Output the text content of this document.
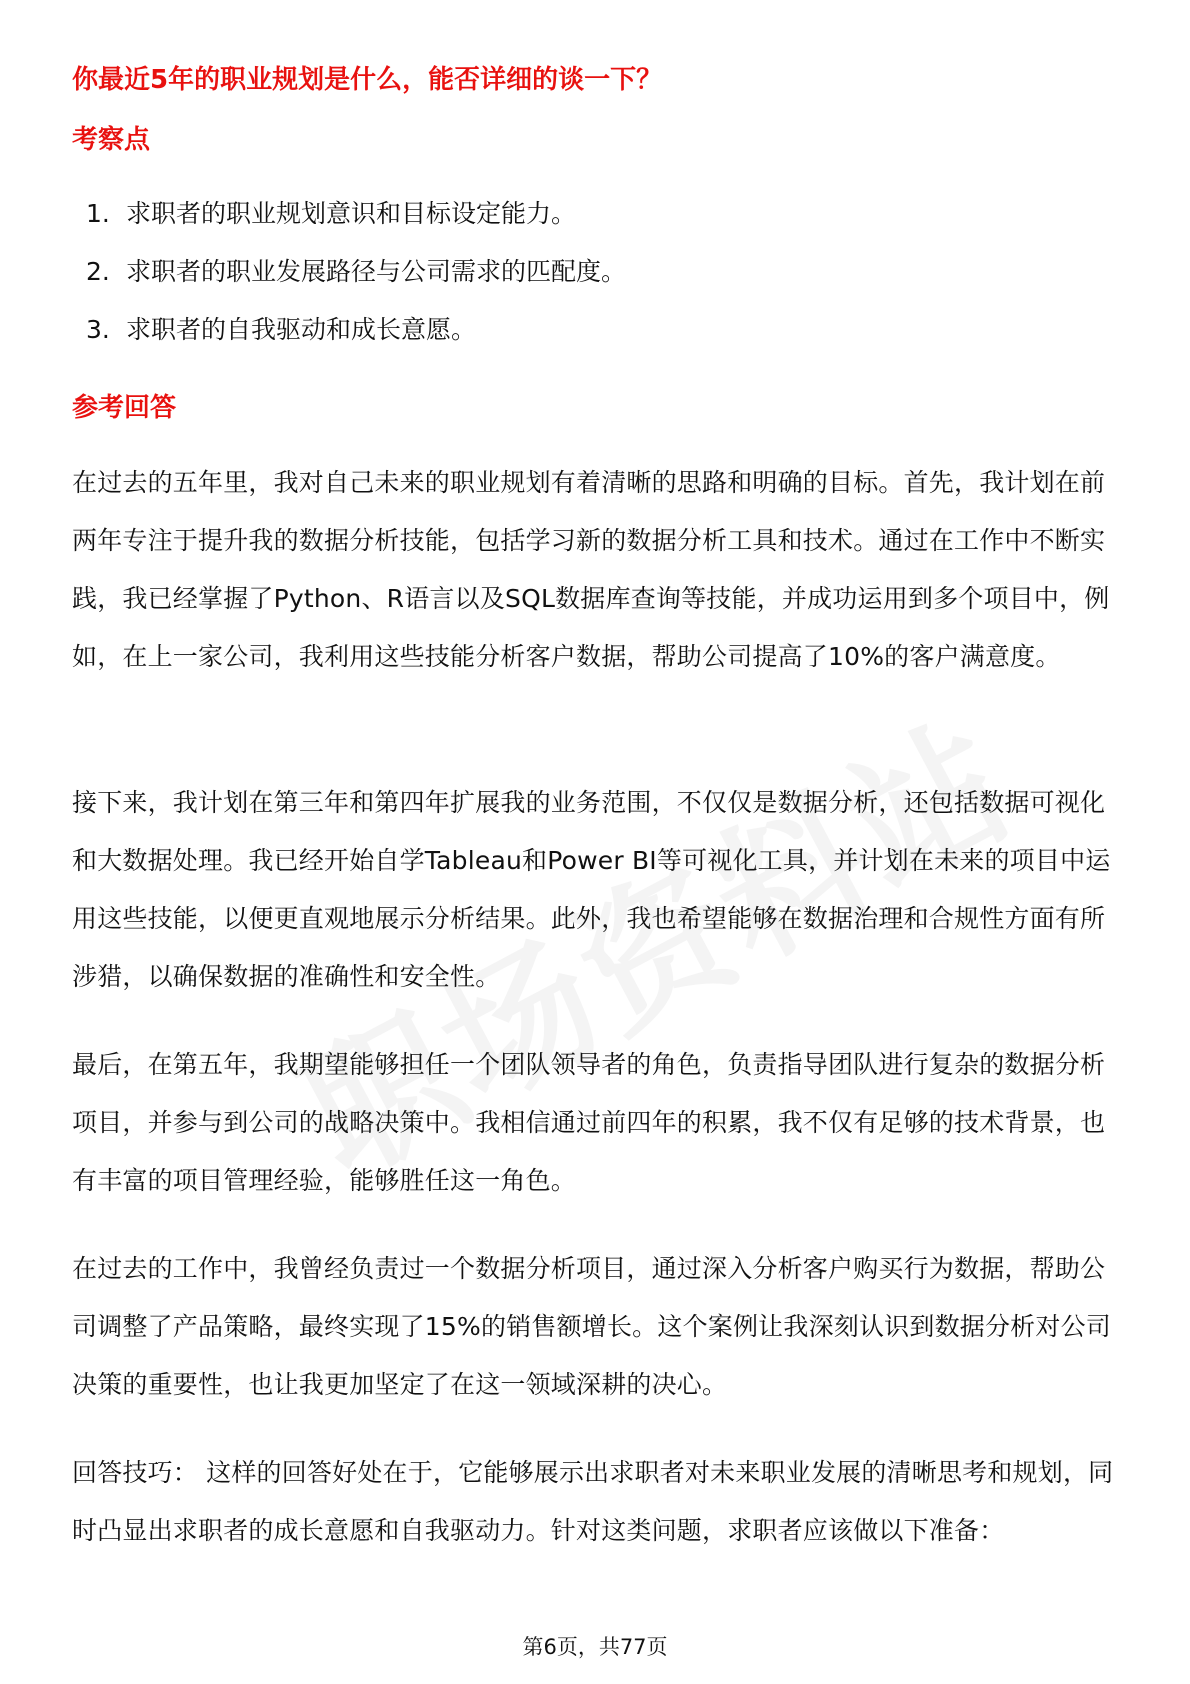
你最近5年的职业规划是什么，能否详细的谈一下？
考察点
1. 求职者的职业规划意识和目标设定能力。
2. 求职者的职业发展路径与公司需求的匹配度。
3. 求职者的自我驱动和成长意愿。
参考回答

在过去的五年里，我对自己未来的职业规划有着清晰的思路和明确的目标。首先，我计划在前两年专注于提升我的数据分析技能，包括学习新的数据分析工具和技术。通过在工作中不断实践，我已经掌握了Python、R语言以及SQL数据库查询等技能，并成功运用到多个项目中，例如，在上一家公司，我利用这些技能分析客户数据，帮助公司提高了10%的客户满意度。

接下来，我计划在第三年和第四年扩展我的业务范围，不仅仅是数据分析，还包括数据可视化和大数据处理。我已经开始自学Tableau和Power BI等可视化工具，并计划在未来的项目中运用这些技能，以便更直观地展示分析结果。此外，我也希望能够在数据治理和合规性方面有所涉猎，以确保数据的准确性和安全性。

最后，在第五年，我期望能够担任一个团队领导者的角色，负责指导团队进行复杂的数据分析项目，并参与到公司的战略决策中。我相信通过前四年的积累，我不仅有足够的技术背景，也有丰富的项目管理经验，能够胜任这一角色。

在过去的工作中，我曾经负责过一个数据分析项目，通过深入分析客户购买行为数据，帮助公司调整了产品策略，最终实现了15%的销售额增长。这个案例让我深刻认识到数据分析对公司决策的重要性，也让我更加坚定了在这一领域深耕的决心。

回答技巧： 这样的回答好处在于，它能够展示出求职者对未来职业发展的清晰思考和规划，同时凸显出求职者的成长意愿和自我驱动力。针对这类问题，求职者应该做以下准备：

第6页，共77页
